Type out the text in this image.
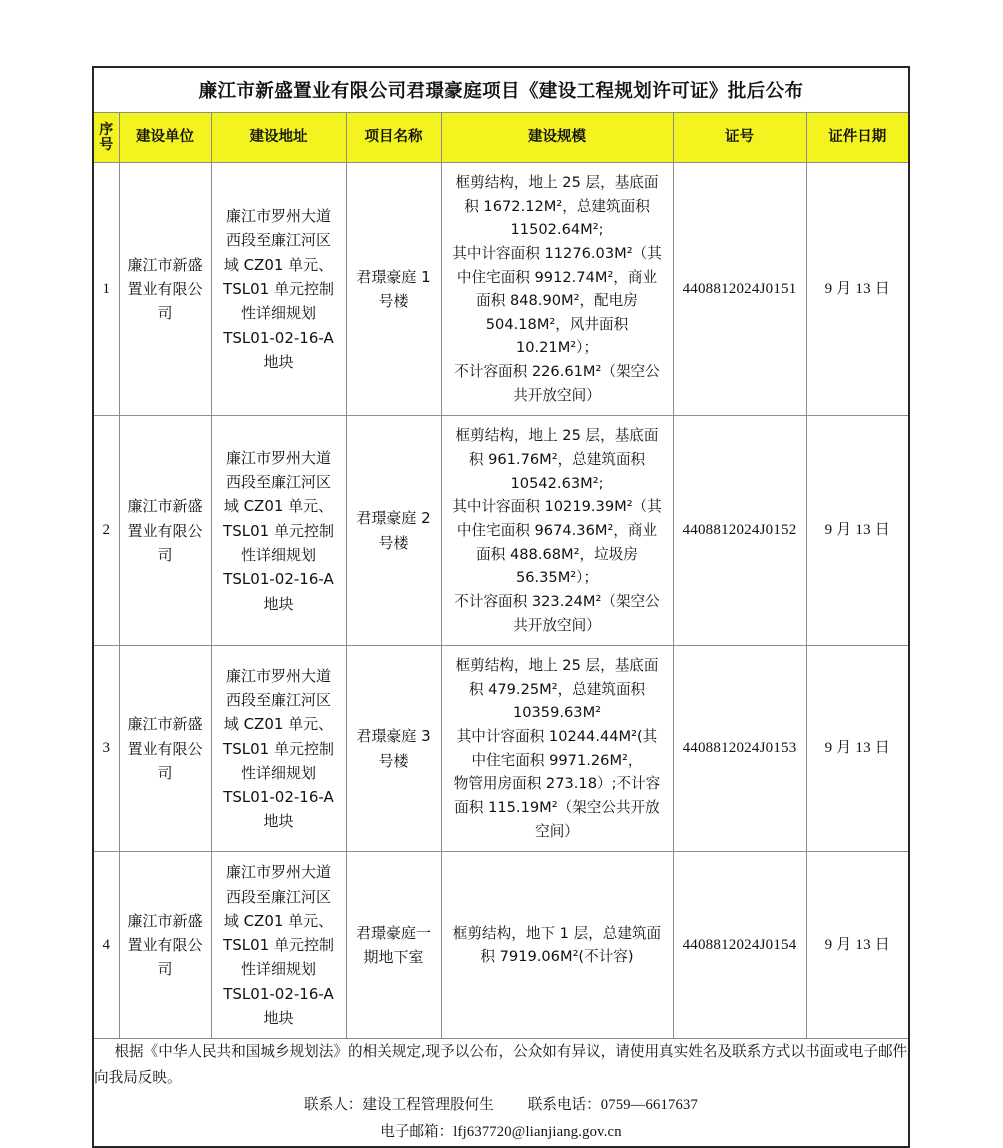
廉江市新盛置业有限公司君璟豪庭项目《建设工程规划许可证》批后公布						

序
号	建设单位	建设地址	项目名称	建设规模	证号	证件日期
1	廉江市新盛置业有限公司	廉江市罗州大道西段至廉江河区域 CZ01 单元、TSL01 单元控制性详细规划 TSL01-02-16-A 地块	君璟豪庭 1 号楼	框剪结构，地上 25 层，基底面积 1672.12M²，总建筑面积 11502.64M²;
其中计容面积 11276.03M²（其中住宅面积 9912.74M²，商业面积 848.90M²，配电房 504.18M²，风井面积 10.21M²）；
不计容面积 226.61M²（架空公共开放空间）	4408812024J0151	9 月 13 日
2	廉江市新盛置业有限公司	廉江市罗州大道西段至廉江河区域 CZ01 单元、TSL01 单元控制性详细规划 TSL01-02-16-A 地块	君璟豪庭 2 号楼	框剪结构，地上 25 层，基底面积 961.76M²，总建筑面积 10542.63M²;
其中计容面积 10219.39M²（其中住宅面积 9674.36M²，商业面积 488.68M²，垃圾房 56.35M²）；
不计容面积 323.24M²（架空公共开放空间）	4408812024J0152	9 月 13 日
3	廉江市新盛置业有限公司	廉江市罗州大道西段至廉江河区域 CZ01 单元、TSL01 单元控制性详细规划 TSL01-02-16-A 地块	君璟豪庭 3 号楼	框剪结构，地上 25 层，基底面积 479.25M²，总建筑面积 10359.63M²
其中计容面积 10244.44M²(其中住宅面积 9971.26M²，
物管用房面积 273.18）;不计容面积 115.19M²（架空公共开放空间）	4408812024J0153	9 月 13 日
4	廉江市新盛置业有限公司	廉江市罗州大道西段至廉江河区域 CZ01 单元、TSL01 单元控制性详细规划 TSL01-02-16-A 地块	君璟豪庭一期地下室	框剪结构，地下 1 层，总建筑面积 7919.06M²(不计容)	4408812024J0154	9 月 13 日

根据《中华人民共和国城乡规划法》的相关规定,现予以公布，公众如有异议，请使用真实姓名及联系方式以书面或电子邮件向我局反映。
联系人：建设工程管理股何生 联系电话：0759—6617637
电子邮箱：lfj637720@lianjiang.gov.cn						
